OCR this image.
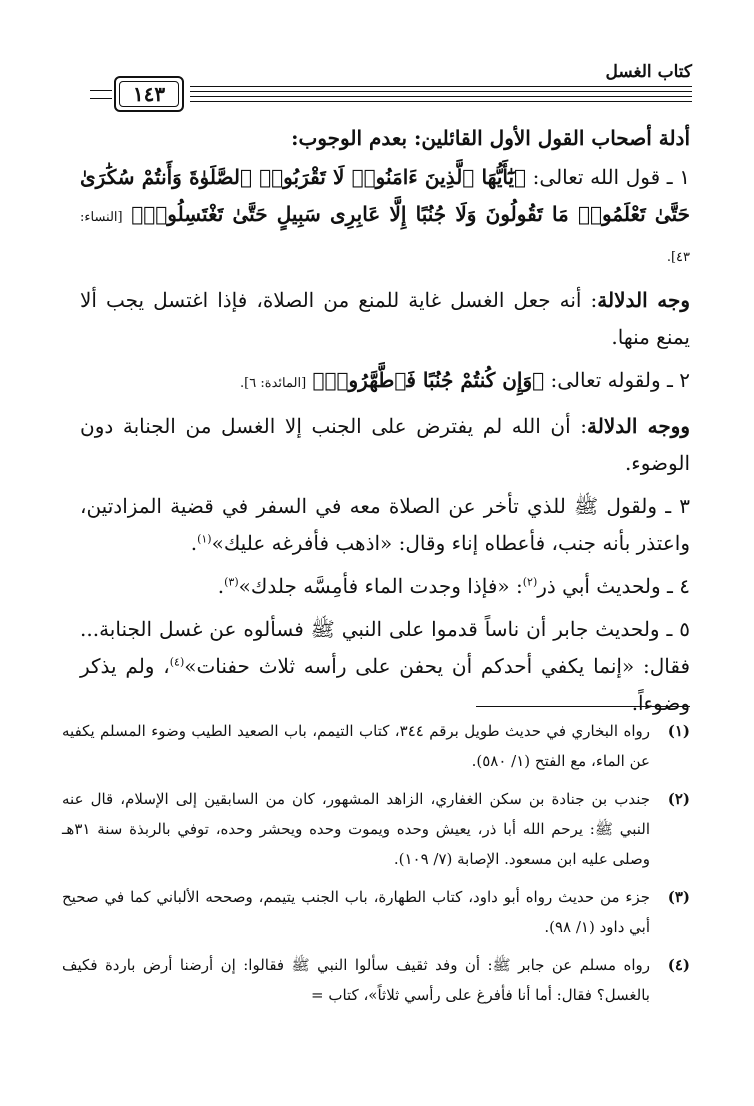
كتاب الغسل
١٤٣

أدلة أصحاب القول الأول القائلين: بعدم الوجوب:

١ ـ قول الله تعالى: ﴿يَٰٓأَيُّهَا ٱلَّذِينَ ءَامَنُوا۟ لَا تَقْرَبُوا۟ ٱلصَّلَوٰةَ وَأَنتُمْ سُكَٰرَىٰ حَتَّىٰ تَعْلَمُوا۟ مَا تَقُولُونَ وَلَا جُنُبًا إِلَّا عَابِرِى سَبِيلٍ حَتَّىٰ تَغْتَسِلُوا۟﴾ [النساء: ٤٣].

وجه الدلالة: أنه جعل الغسل غاية للمنع من الصلاة، فإذا اغتسل يجب ألا يمنع منها.

٢ ـ ولقوله تعالى: ﴿وَإِن كُنتُمْ جُنُبًا فَٱطَّهَّرُوا۟﴾ [المائدة: ٦].

ووجه الدلالة: أن الله لم يفترض على الجنب إلا الغسل من الجنابة دون الوضوء.

٣ ـ ولقول ﷺ للذي تأخر عن الصلاة معه في السفر في قضية المزادتين، واعتذر بأنه جنب، فأعطاه إناء وقال: «اذهب فأفرغه عليك»$^{(١)}$.

٤ ـ ولحديث أبي ذر$^{(٢)}$: «فإذا وجدت الماء فأمِسَّه جلدك»$^{(٣)}$.

٥ ـ ولحديث جابر أن ناساً قدموا على النبي ﷺ فسألوه عن غسل الجنابة... فقال: «إنما يكفي أحدكم أن يحفن على رأسه ثلاث حفنات»$^{(٤)}$، ولم يذكر وضوءاً.

(١)
رواه البخاري في حديث طويل برقم ٣٤٤، كتاب التيمم، باب الصعيد الطيب وضوء المسلم يكفيه عن الماء، مع الفتح (١/ ٥٨٠).
(٢)
جندب بن جنادة بن سكن الغفاري، الزاهد المشهور، كان من السابقين إلى الإسلام، قال عنه النبي ﷺ: يرحم الله أبا ذر، يعيش وحده ويموت وحده ويحشر وحده، توفي بالربذة سنة ٣١هـ وصلى عليه ابن مسعود. الإصابة (٧/ ١٠٩).
(٣)
جزء من حديث رواه أبو داود، كتاب الطهارة، باب الجنب يتيمم، وصححه الألباني كما في صحيح أبي داود (١/ ٩٨).
(٤)
رواه مسلم عن جابر ﷺ: أن وفد ثقيف سألوا النبي ﷺ فقالوا: إن أرضنا أرض باردة فكيف بالغسل؟ فقال: أما أنا فأفرغ على رأسي ثلاثاً»، كتاب =
